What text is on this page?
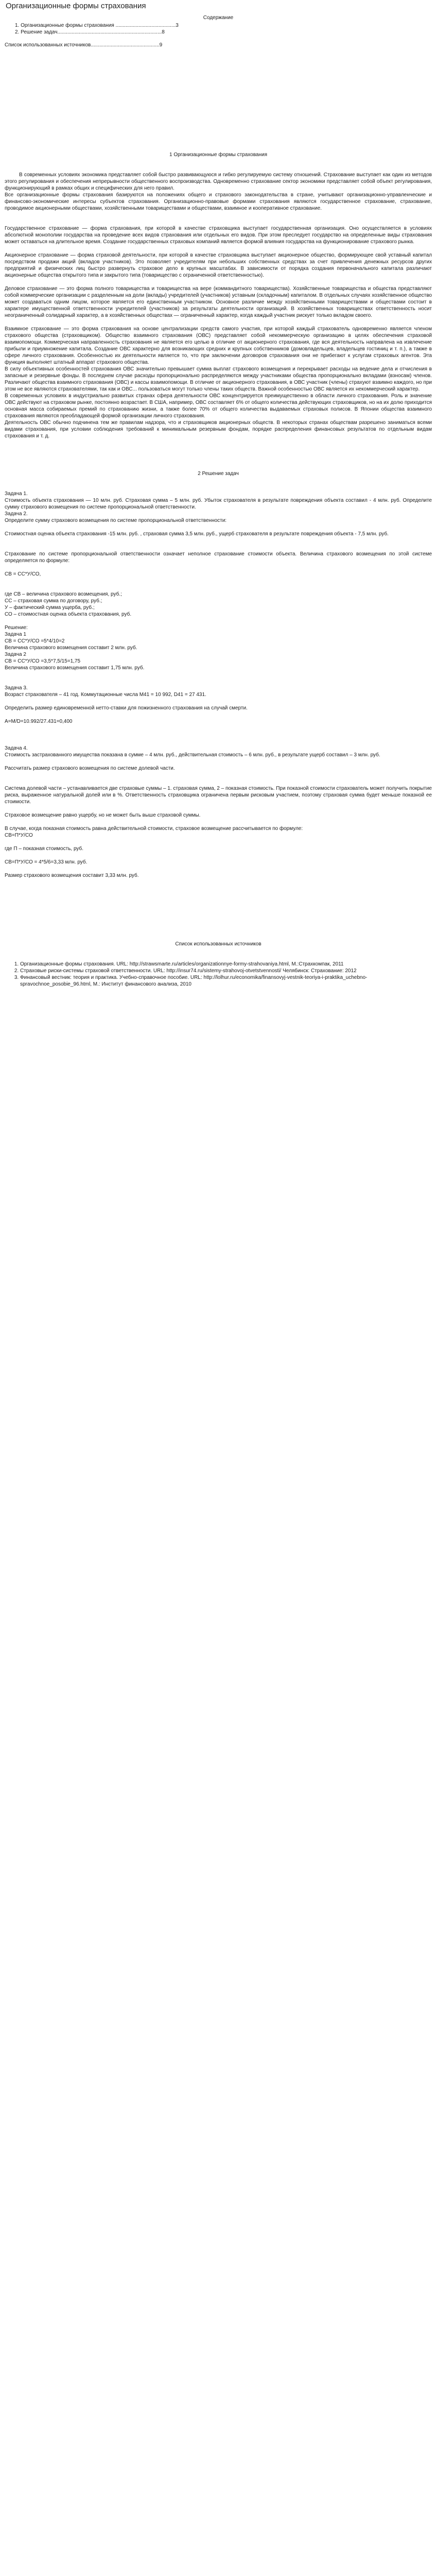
Организационные формы страхования
Содержание
1. Организационные формы страхования ..........................................3
2. Решение задач.........................................................................8
Список использованных источников................................................9
1 Организационные формы страхования

В современных условиях экономика представляет собой быстро развивающуюся и гибко регулируемую систему отношений. Страхование выступает как один из методов этого регулирования и обеспечения непрерывности общественного воспроизводства. Одновременно страхование сектор экономики представляет собой объект регулирования, функционирующий в рамках общих и специфических для него правил.

Все организационные формы страхования базируются на положениях общего и страхового законодательства в стране, учитывают организационно-управленческие и финансово-экономические интересы субъектов страхования. Организационно-правовые формами страхования являются государственное страхование, страхование, проводимое акционерными обществами, хозяйственными товариществами и обществами, взаимное и кооперативное страхование.

Государственное страхование — форма страхования, при которой в качестве страховщика выступает государственная организация. Оно осуществляется в условиях абсолютной монополии государства на проведение всех видов страхования или отдельных его видов. При этом преследует государство на определенные виды страхования может оставаться на длительное время. Создание государственных страховых компаний является формой влияния государства на функционирование страхового рынка.

Акционерное страхование — форма страховой деятельности, при которой в качестве страховщика выступает акционерное общество, формирующее свой уставный капитал посредством продажи акций (вкладов участников). Это позволяет учредителям при небольших собственных средствах за счет привлечения денежных ресурсов других предприятий и физических лиц быстро развернуть страховое дело в крупных масштабах. В зависимости от порядка создания первоначального капитала различают акционерные общества открытого типа и закрытого типа (товарищество с ограниченной ответственностью).

Деловое страхование — это форма полного товарищества и товарищества на вере (коммандитного товарищества). Хозяйственные товарищества и общества представляют собой коммерческие организации с разделенным на доли (вклады) учредителей (участников) уставным (складочным) капиталом. В отдельных случаях хозяйственное общество может создаваться одним лицом, которое является его единственным участником. Основное различие между хозяйственными товариществами и обществами состоит в характере имущественной ответственности учредителей (участников) за результаты деятельности организаций. В хозяйственных товариществах ответственность носит неограниченный солидарный характер, а в хозяйственных обществах — ограниченный характер, когда каждый участник рискует только вкладом своего.

Взаимное страхование — это форма страхования на основе централизации средств самого участия, при которой каждый страхователь одновременно является членом страхового общества (страховщиком). Общество взаимного страхования (ОВС) представляет собой некоммерческую организацию в целях обеспечения страховой взаимопомощи. Коммерческая направленность страхования не является его целью в отличие от акционерного страхования, где вся деятельность направлена на извлечение прибыли и приумножение капитала. Создание ОВС характерно для возникающих средних и крупных собственников (домовладельцев, владельцев гостиниц и т. п.), а также в сфере личного страхования. Особенностью их деятельности является то, что при заключении договоров страхования они не прибегают к услугам страховых агентов. Эта функция выполняет штатный аппарат страхового общества.

В силу объективных особенностей страхования ОВС значительно превышает сумма выплат страхового возмещения и перекрывает расходы на ведение дела и отчисления в запасные и резервные фонды. В последнем случае расходы пропорционально распределяются между участниками общества пропорционально вкладами (взносам) членов. Различают общества взаимного страхования (ОВС) и кассы взаимопомощи. В отличие от акционерного страхования, в ОВС участник (члены) страхуют взаимно каждого, но при этом не все являются страхователями, так как и ОВС... пользоваться могут только члены таких обществ. Важной особенностью ОВС является их некоммерческий характер.

В современных условиях в индустриально развитых странах сфера деятельности ОВС концентрируется преимущественно в области личного страхования. Роль и значение ОВС действуют на страховом рынке, постоянно возрастает. В США, например, ОВС составляет 6% от общего количества действующих страховщиков, но на их долю приходится основная масса собираемых премий по страхованию жизни, а также более 70% от общего количества выдаваемых страховых полисов. В Японии общества взаимного страхования являются преобладающей формой организации личного страхования.

Деятельность ОВС обычно подчинена тем же правилам надзора, что и страховщиков акционерных обществ. В некоторых странах обществам разрешено заниматься всеми видами страхования, при условии соблюдения требований к минимальным резервным фондам, порядке распределения финансовых результатов по отдельным видам страхования и т. д.

2 Решение задач

Задача 1.

Стоимость объекта страхования — 10 млн. руб. Страховая сумма – 5 млн. руб. Убыток страхователя в результате повреждения объекта составил - 4 млн. руб. Определите сумму страхового возмещения по системе пропорциональной ответственности.

Задача 2.

Определите сумму страхового возмещения по системе пропорциональной ответственности:

Стоимостная оценка объекта страхования -15 млн. руб. , страховая сумма 3,5 млн. руб., ущерб страхователя в результате повреждения объекта - 7,5 млн. руб.

Страхование по системе пропорциональной ответственности означает неполное страхование стоимости объекта. Величина страхового возмещения по этой системе определяется по формуле:

СВ = СС*У/СО,

где СВ – величина страхового возмещения, руб.;

СС – страховая сумма по договору, руб.;

У – фактический сумма ущерба, руб.;

СО – стоимостная оценка объекта страхования, руб.

Решение:

Задача 1

СВ = СС*У/СО =5*4/10=2

Величина страхового возмещения составит 2 млн. руб.

Задача 2

СВ = СС*У/СО =3,5*7,5/15=1,75

Величина страхового возмещения составит 1,75 млн. руб.

Задача 3.

Возраст страхователя – 41 год. Коммутационные числа М41 = 10 992, D41 = 27 431.

Определить размер единовременной нетто-ставки для пожизненного страхования на случай смерти.

A=M/D=10.992/27.431=0,400

Задача 4.

Стоимость застрахованного имущества показана в сумме – 4 млн. руб., действительная стоимость – 6 млн. руб., в результате ущерб составил – 3 млн. руб.

Рассчитать размер страхового возмещения по системе долевой части.

Система долевой части – устанавливается две страховые суммы – 1. страховая сумма, 2 – показная стоимость. При показной стоимости страхователь может получить покрытие риска, выраженное натуральной долей или в %. Ответственность страховщика ограничена первым рисковым участием, поэтому страховая сумма будет меньше показной ее стоимости.

Страховое возмещение равно ущербу, но не может быть выше страховой суммы.

В случае, когда показная стоимость равна действительной стоимости, страховое возмещение рассчитывается по формуле:

СВ=П*У/СО

где П – показная стоимость, руб.

СВ=П*У/СО = 4*5/6=3,33 млн. руб.

Размер страхового возмещения составит 3,33 млн. руб.

Список использованных источников
1. Организационные формы страхования. URL: http://strawsmarte.ru/articles/organizationnye-formy-strahovaniya.html, М.:Страхкомпак, 2011
2. Страховые риски-системы страховой ответственности. URL: http://insur74.ru/sistemy-strahovoj-otvetstvennosti/ Челябинск: Страхование: 2012
3. Финансовый вестник: теория и практика. Учебно-справочное пособие. URL: http://lolhur.ru/economika/finansovyj-vestnik-teoriya-i-praktika_uchebno-spravochnoe_posobie_96.html, М.: Институт финансового анализа, 2010
